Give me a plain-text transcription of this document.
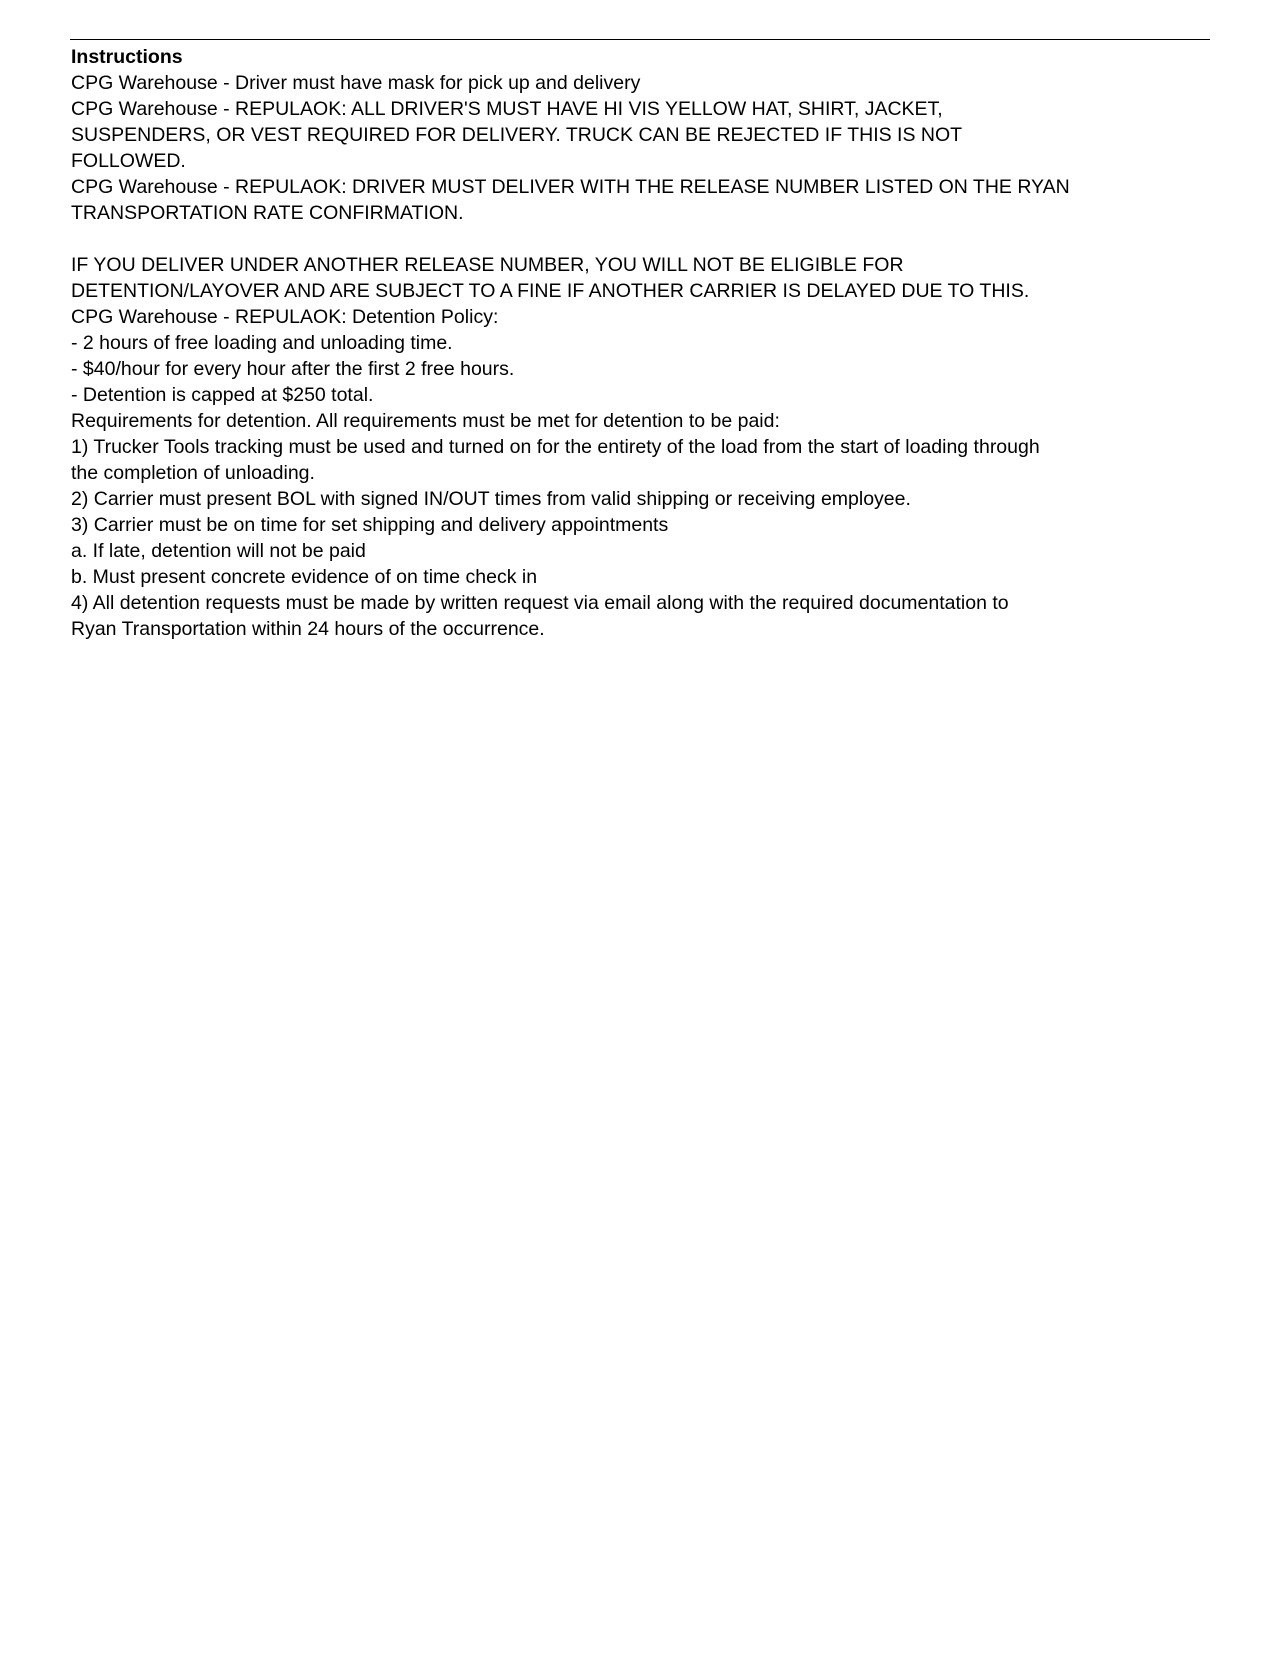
Instructions

CPG Warehouse - Driver must have mask for pick up and delivery

CPG Warehouse - REPULAOK: ALL DRIVER'S MUST HAVE HI VIS YELLOW HAT, SHIRT, JACKET,

SUSPENDERS, OR VEST REQUIRED FOR DELIVERY. TRUCK CAN BE REJECTED IF THIS IS NOT

FOLLOWED.

CPG Warehouse - REPULAOK: DRIVER MUST DELIVER WITH THE RELEASE NUMBER LISTED ON THE RYAN

TRANSPORTATION RATE CONFIRMATION.

IF YOU DELIVER UNDER ANOTHER RELEASE NUMBER, YOU WILL NOT BE ELIGIBLE FOR

DETENTION/LAYOVER AND ARE SUBJECT TO A FINE IF ANOTHER CARRIER IS DELAYED DUE TO THIS.

CPG Warehouse - REPULAOK: Detention Policy:

- 2 hours of free loading and unloading time.

- $40/hour for every hour after the first 2 free hours.

- Detention is capped at $250 total.

Requirements for detention. All requirements must be met for detention to be paid:

1) Trucker Tools tracking must be used and turned on for the entirety of the load from the start of loading through

the completion of unloading.

2) Carrier must present BOL with signed IN/OUT times from valid shipping or receiving employee.

3) Carrier must be on time for set shipping and delivery appointments

a. If late, detention will not be paid

b. Must present concrete evidence of on time check in

4) All detention requests must be made by written request via email along with the required documentation to

Ryan Transportation within 24 hours of the occurrence.
